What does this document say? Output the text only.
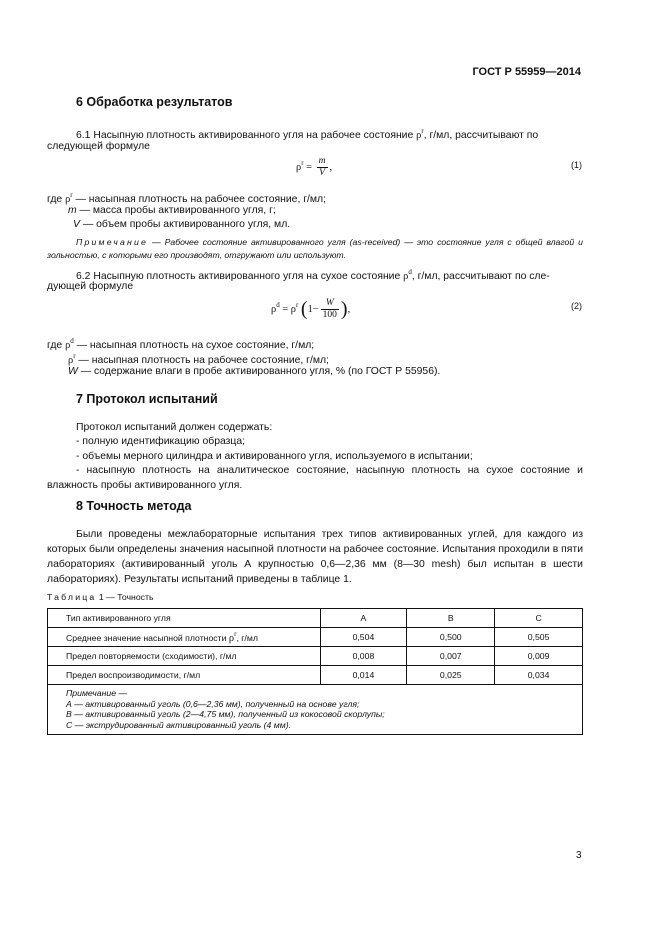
ГОСТ Р 55959—2014
6 Обработка результатов
6.1 Насыпную плотность активированного угля на рабочее состояние $\rho^r$, г/мл, рассчитывают по
следующей формуле
$\rho^r = \frac{m}{V}$ ,	(1)
где $\rho^r$ — насыпная плотность на рабочее состояние, г/мл;
m — масса пробы активированного угля, г;
V — объем пробы активированного угля, мл.
Примечание — Рабочее состояние активированного угля (as-received) — это состояние угля с общей влагой и зольностью, с которыми его производят, отгружают или используют.
6.2 Насыпную плотность активированного угля на сухое состояние $\rho^d$, г/мл, рассчитывают по сле-
дующей формуле
$\rho^d = \rho^r$ ($1- \frac{W}{100}$ ),	(2)
где $\rho^d$ — насыпная плотность на сухое состояние, г/мл;
$\rho^r$ — насыпная плотность на рабочее состояние, г/мл;
W — содержание влаги в пробе активированного угля, % (по ГОСТ Р 55956).
7 Протокол испытаний
Протокол испытаний должен содержать:
- полную идентификацию образца;
- объемы мерного цилиндра и активированного угля, используемого в испытании;
- насыпную плотность на аналитическое состояние, насыпную плотность на сухое состояние и влажность пробы активированного угля.
8 Точность метода
Были проведены межлабораторные испытания трех типов активированных углей, для каждого из которых были определены значения насыпной плотности на рабочее состояние. Испытания проходили в пяти лабораториях (активированный уголь А крупностью 0,6—2,36 мм (8—30 mesh) был испытан в шести лабораториях). Результаты испытаний приведены в таблице 1.
Таблица 1 — Точность
Тип активированного угля	А	В	С
Среднее значение насыпной плотности $\rho^r$, г/мл	0,504	0,500	0,505
Предел повторяемости (сходимости), г/мл	0,008	0,007	0,009
Предел воспроизводимости, г/мл	0,014	0,025	0,034

Примечание —
А — активированный уголь (0,6—2,36 мм), полученный на основе угля;
В — активированный уголь (2—4,75 мм), полученный из кокосовой скорлупы;
С — экструдированный активированный уголь (4 мм).			
3
